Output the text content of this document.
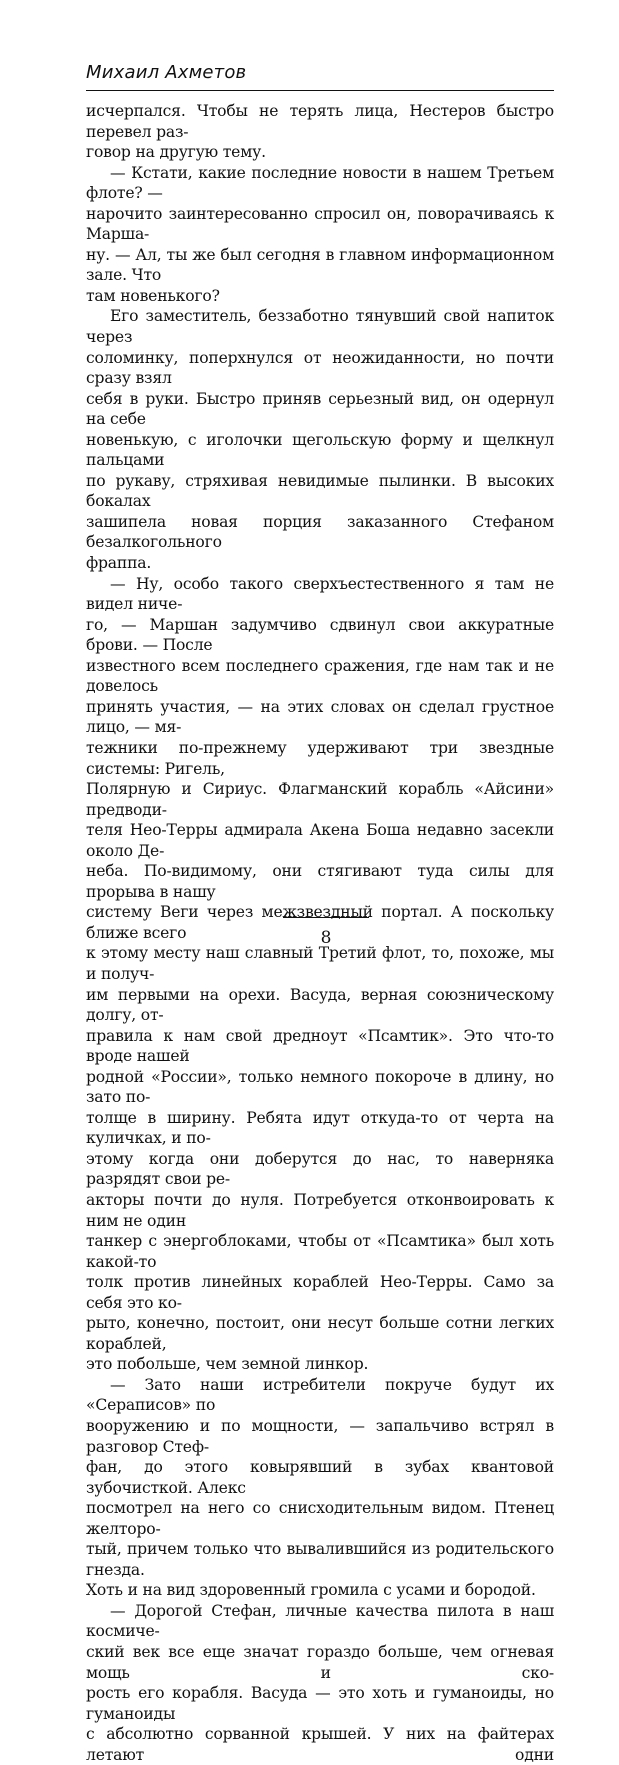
Михаил Ахметов

исчерпался. Чтобы не терять лица, Нестеров быстро перевел раз-
говор на другую тему.

— Кстати, какие последние новости в нашем Третьем флоте? —
нарочито заинтересованно спросил он, поворачиваясь к Марша-
ну. — Ал, ты же был сегодня в главном информационном зале. Что
там новенького?

Его заместитель, беззаботно тянувший свой напиток через
соломинку, поперхнулся от неожиданности, но почти сразу взял
себя в руки. Быстро приняв серьезный вид, он одернул на себе
новенькую, с иголочки щегольскую форму и щелкнул пальцами
по рукаву, стряхивая невидимые пылинки. В высоких бокалах
зашипела новая порция заказанного Стефаном безалкогольного
фраппа.

— Ну, особо такого сверхъестественного я там не видел ниче-
го, — Маршан задумчиво сдвинул свои аккуратные брови. — После
известного всем последнего сражения, где нам так и не довелось
принять участия, — на этих словах он сделал грустное лицо, — мя-
тежники по-прежнему удерживают три звездные системы: Ригель,
Полярную и Сириус. Флагманский корабль «Айсини» предводи-
теля Нео-Терры адмирала Акена Боша недавно засекли около Де-
неба. По-видимому, они стягивают туда силы для прорыва в нашу
систему Веги через межзвездный портал. А поскольку ближе всего
к этому месту наш славный Третий флот, то, похоже, мы и получ-
им первыми на орехи. Васуда, верная союзническому долгу, от-
правила к нам свой дредноут «Псамтик». Это что-то вроде нашей
родной «России», только немного покороче в длину, но зато по-
толще в ширину. Ребята идут откуда-то от черта на куличках, и по-
этому когда они доберутся до нас, то наверняка разрядят свои ре-
акторы почти до нуля. Потребуется отконвоировать к ним не один
танкер с энергоблоками, чтобы от «Псамтика» был хоть какой-то
толк против линейных кораблей Нео-Терры. Само за себя это ко-
рыто, конечно, постоит, они несут больше сотни легких кораблей,
это побольше, чем земной линкор.

— Зато наши истребители покруче будут их «Сераписов» по
вооружению и по мощности, — запальчиво встрял в разговор Стеф-
фан, до этого ковырявший в зубах квантовой зубочисткой. Алекс
посмотрел на него со снисходительным видом. Птенец желторо-
тый, причем только что вывалившийся из родительского гнезда.
Хоть и на вид здоровенный громила с усами и бородой.

— Дорогой Стефан, личные качества пилота в наш космиче-
ский век все еще значат гораздо больше, чем огневая мощь и ско-
рость его корабля. Васуда — это хоть и гуманоиды, но гуманоиды
с абсолютно сорванной крышей. У них на файтерах летают одни

8
